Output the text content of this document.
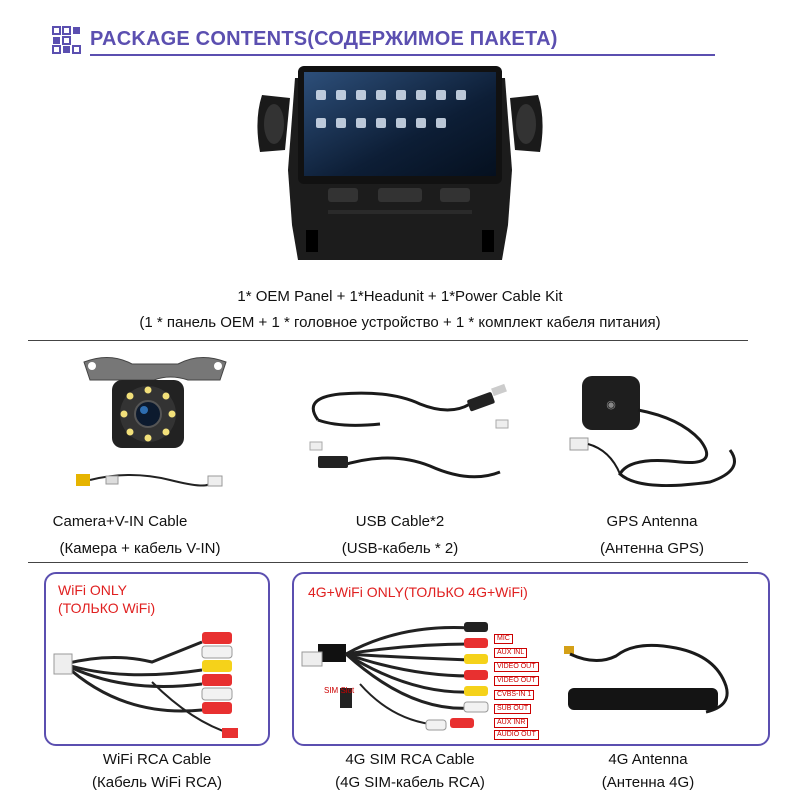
PACKAGE CONTENTS(СОДЕРЖИМОЕ ПАКЕТА)
1* OEM Panel + 1*Headunit + 1*Power Cable Kit
(1 * панель OEM + 1 * головное устройство + 1 * комплект кабеля питания)
◉
Camera+V-IN Cable
(Камера + кабель V-IN)
USB Cable*2
(USB-кабель * 2)
GPS Antenna
(Антенна GPS)
WiFi ONLY
(ТОЛЬКО WiFi)
WiFi RCA Cable
(Кабель WiFi RCA)
4G+WiFi ONLY(ТОЛЬКО 4G+WiFi)
MIC
AUX INL
VIDEO OUT
VIDEO OUT
CVBS-IN 1
SUB OUT
AUX INR
AUDIO OUT
SIM Slot
4G SIM RCA Cable
(4G SIM-кабель RCA)
4G Antenna
(Антенна 4G)
